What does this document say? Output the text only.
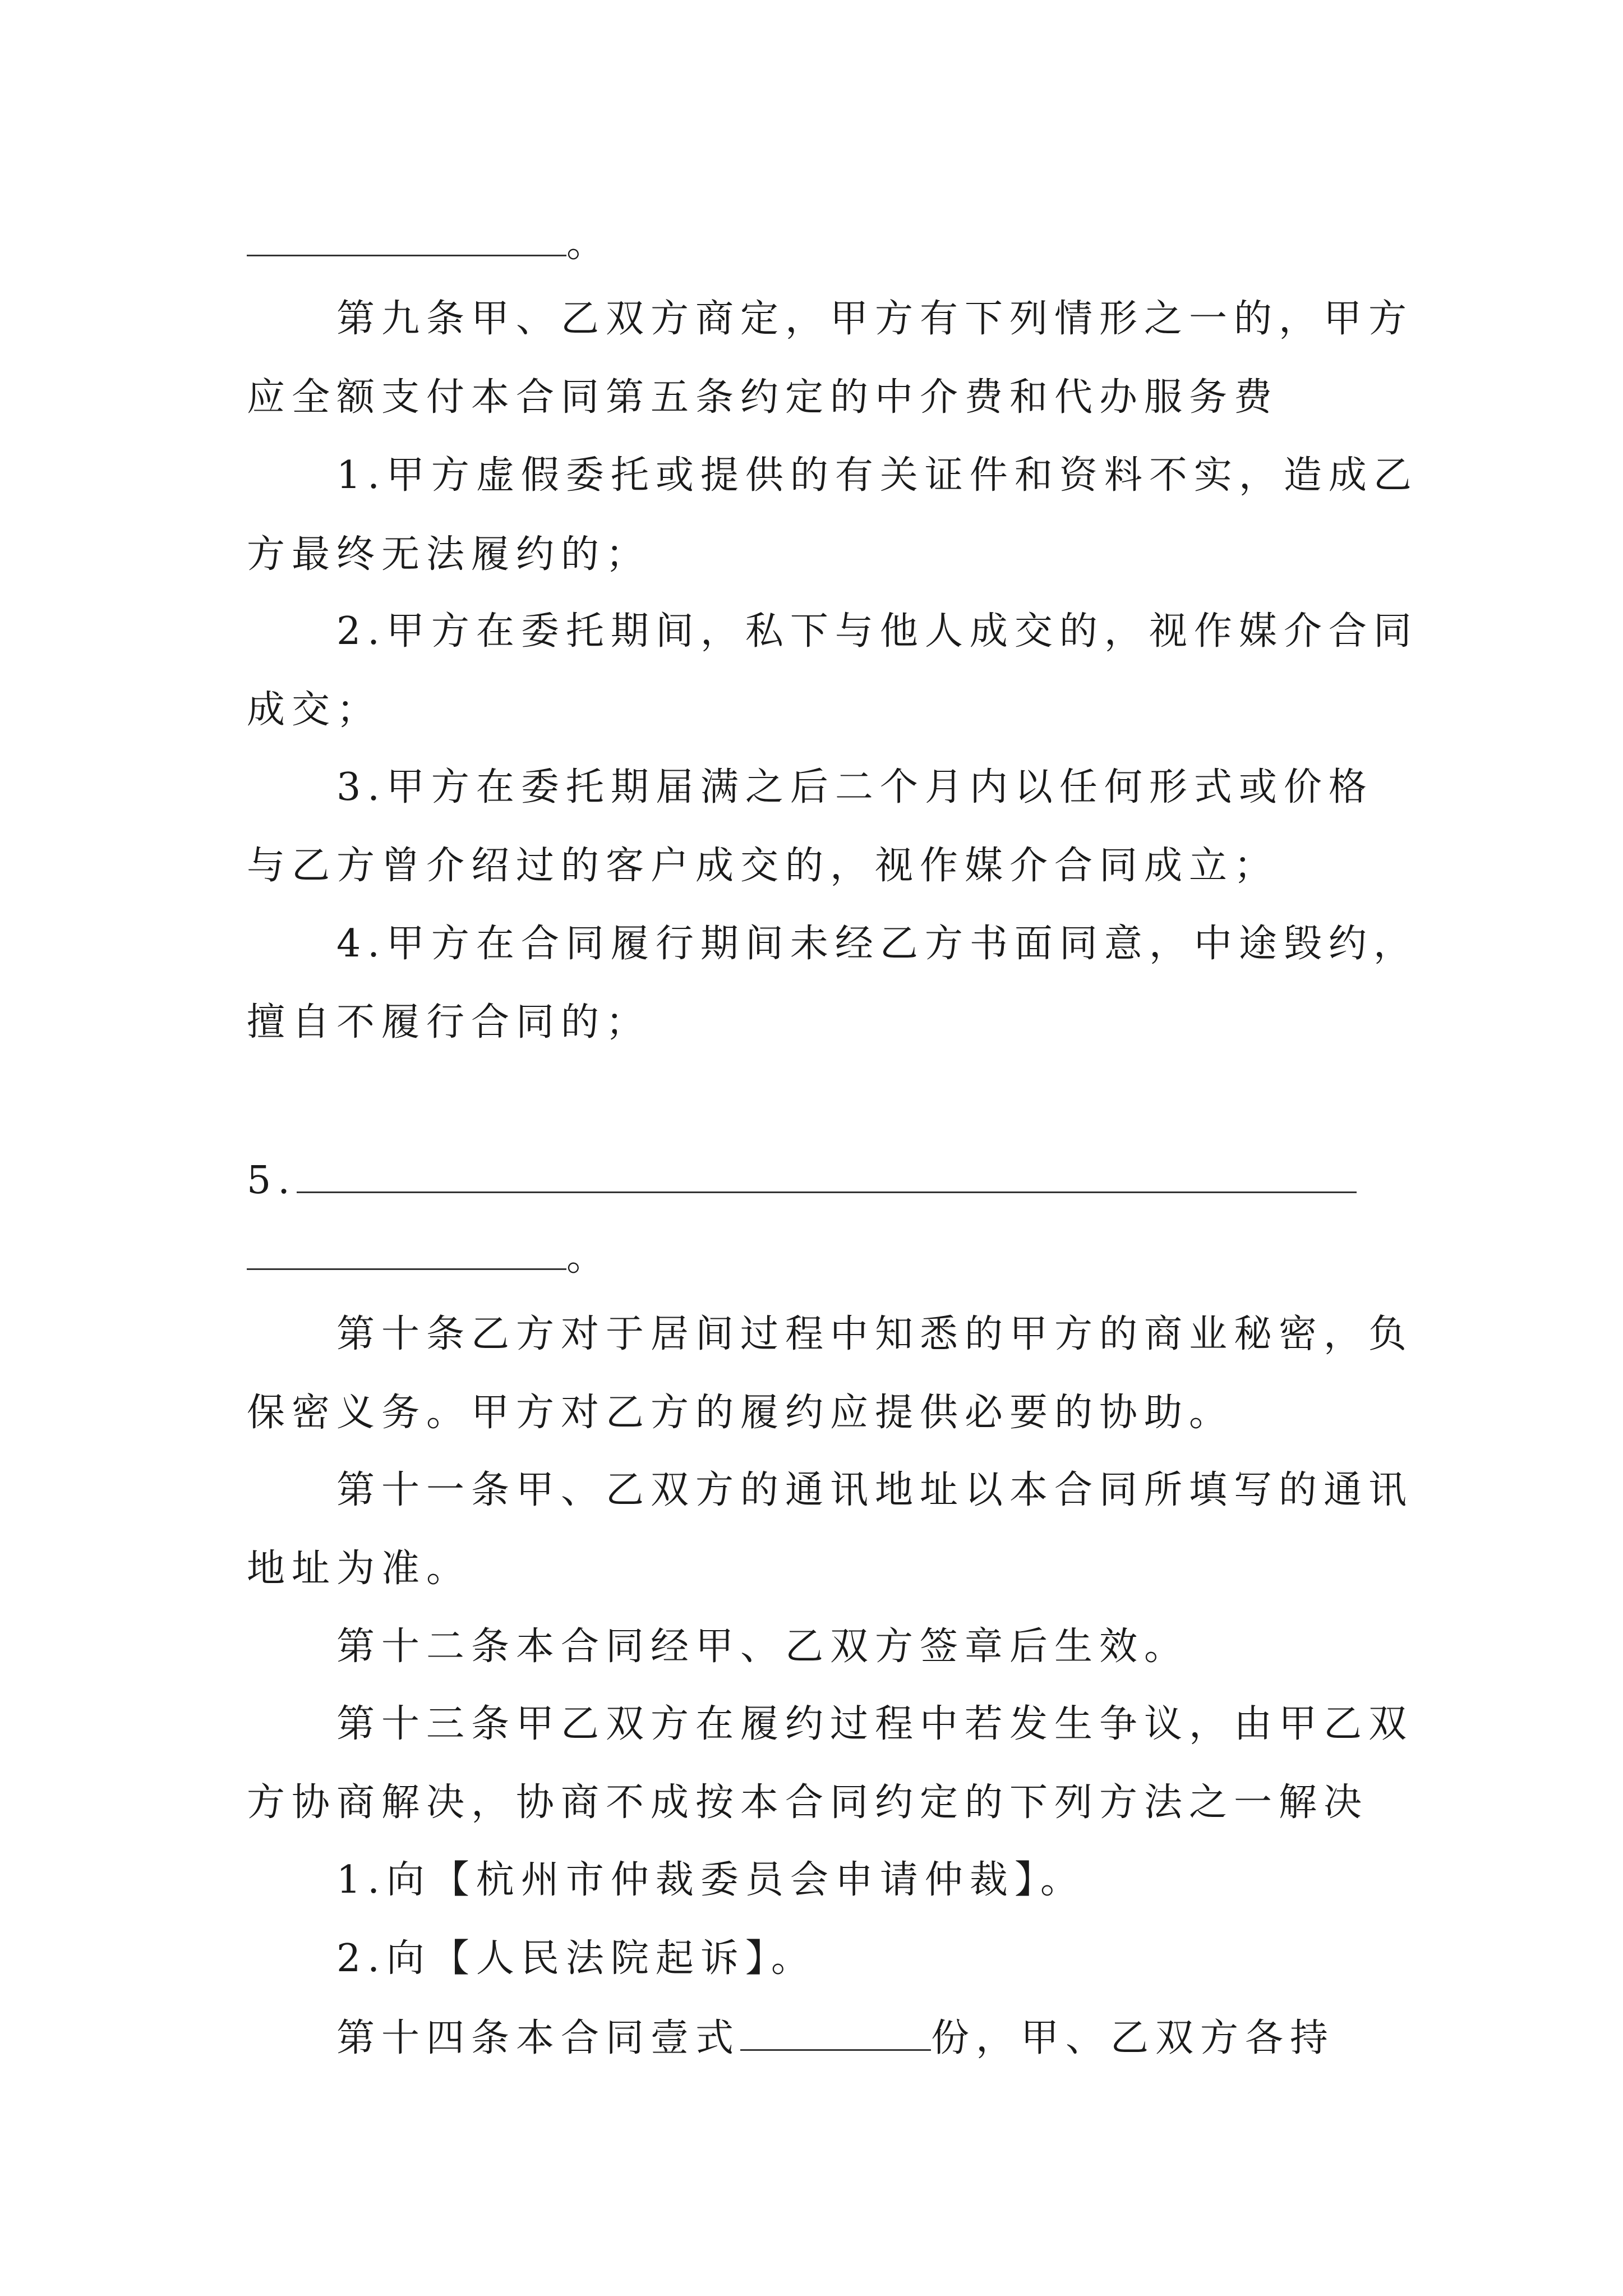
。
第九条甲、乙双方商定，甲方有下列情形之一的，甲方
应全额支付本合同第五条约定的中介费和代办服务费
1.甲方虚假委托或提供的有关证件和资料不实，造成乙
方最终无法履约的；
2.甲方在委托期间，私下与他人成交的，视作媒介合同
成交；
3.甲方在委托期届满之后二个月内以任何形式或价格
与乙方曾介绍过的客户成交的，视作媒介合同成立；
4.甲方在合同履行期间未经乙方书面同意，中途毁约，
擅自不履行合同的；
5.
。
第十条乙方对于居间过程中知悉的甲方的商业秘密，负
保密义务。甲方对乙方的履约应提供必要的协助。
第十一条甲、乙双方的通讯地址以本合同所填写的通讯
地址为准。
第十二条本合同经甲、乙双方签章后生效。
第十三条甲乙双方在履约过程中若发生争议，由甲乙双
方协商解决，协商不成按本合同约定的下列方法之一解决
1.向【杭州市仲裁委员会申请仲裁】。
2.向【人民法院起诉】。
第十四条本合同壹式	份，甲、乙双方各持
